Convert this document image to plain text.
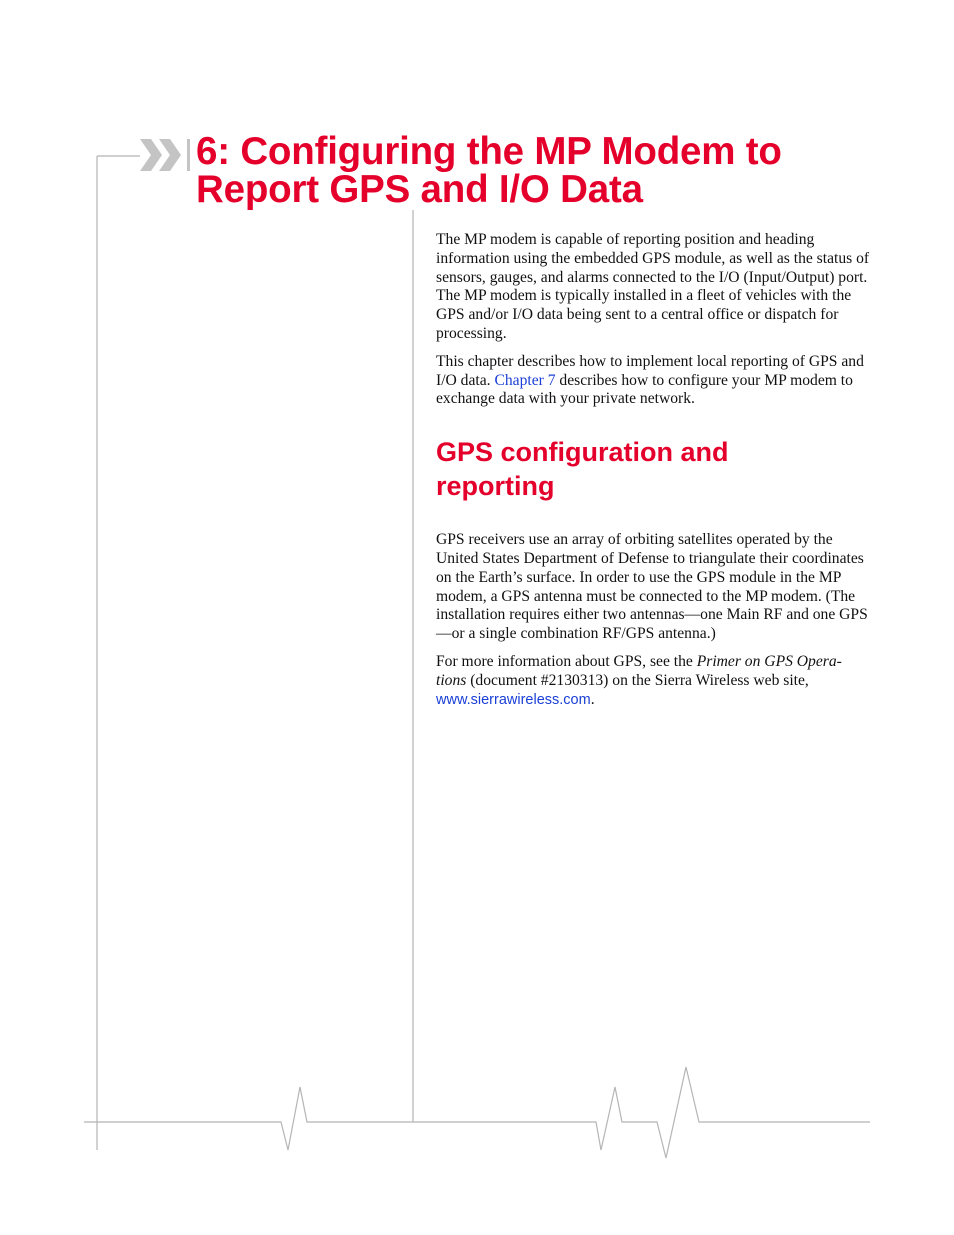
6: Configuring the MP Modem to
Report GPS and I/O Data

The MP modem is capable of reporting position and heading information using the embedded GPS module, as well as the status of sensors, gauges, and alarms connected to the I/O (Input/Output) port. The MP modem is typically installed in a fleet of vehicles with the GPS and/or I/O data being sent to a central office or dispatch for processing.

This chapter describes how to implement local reporting of GPS and I/O data. Chapter 7 describes how to configure your MP modem to exchange data with your private network.

GPS configuration and
reporting

GPS receivers use an array of orbiting satellites operated by the United States Department of Defense to triangulate their coordinates on the Earth’s surface. In order to use the GPS module in the MP modem, a GPS antenna must be connected to the MP modem. (The installation requires either two antennas—one Main RF and one GPS—or a single combination RF/GPS antenna.)

For more information about GPS, see the Primer on GPS Opera-
tions (document #2130313) on the Sierra Wireless web site,
www.sierrawireless.com.
